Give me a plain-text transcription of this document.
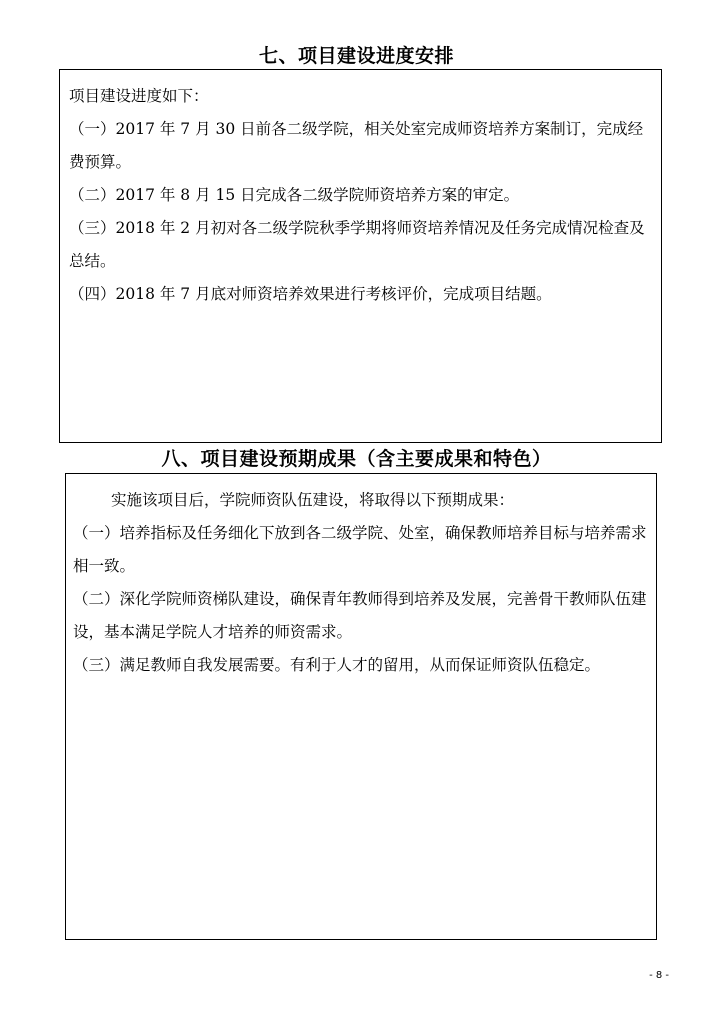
七、项目建设进度安排

项目建设进度如下：

（一）2017 年 7 月 30 日前各二级学院，相关处室完成师资培养方案制订，完成经费预算。

（二）2017 年 8 月 15 日完成各二级学院师资培养方案的审定。

（三）2018 年 2 月初对各二级学院秋季学期将师资培养情况及任务完成情况检查及总结。

（四）2018 年 7 月底对师资培养效果进行考核评价，完成项目结题。

八、项目建设预期成果（含主要成果和特色）

实施该项目后，学院师资队伍建设，将取得以下预期成果：

（一）培养指标及任务细化下放到各二级学院、处室，确保教师培养目标与培养需求相一致。

（二）深化学院师资梯队建设，确保青年教师得到培养及发展，完善骨干教师队伍建设，基本满足学院人才培养的师资需求。

（三）满足教师自我发展需要。有利于人才的留用，从而保证师资队伍稳定。

- 8 -
